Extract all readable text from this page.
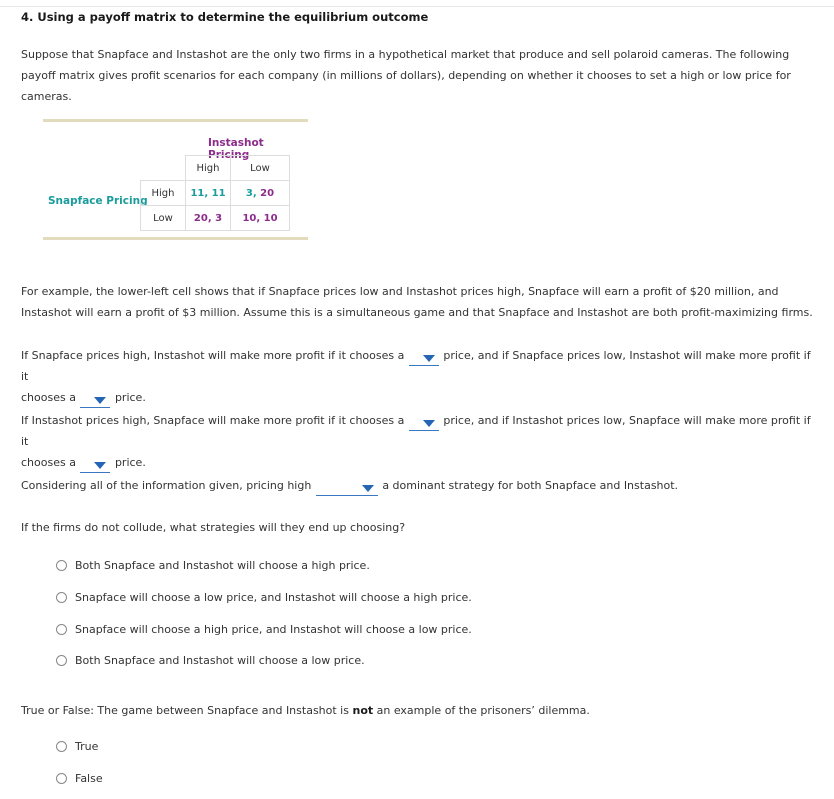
4. Using a payoff matrix to determine the equilibrium outcome
Suppose that Snapface and Instashot are the only two firms in a hypothetical market that produce and sell polaroid cameras. The following payoff matrix gives profit scenarios for each company (in millions of dollars), depending on whether it chooses to set a high or low price for cameras.
Instashot Pricing
Snapface Pricing
	High	Low
High	11, 11	3, 20
Low	20, 3	10, 10
For example, the lower-left cell shows that if Snapface prices low and Instashot prices high, Snapface will earn a profit of $20 million, and Instashot will earn a profit of $3 million. Assume this is a simultaneous game and that Snapface and Instashot are both profit-maximizing firms.
If Snapface prices high, Instashot will make more profit if it chooses a	price, and if Snapface prices low, Instashot will make more profit if it
chooses a	price.
If Instashot prices high, Snapface will make more profit if it chooses a	price, and if Instashot prices low, Snapface will make more profit if it
chooses a	price.
Considering all of the information given, pricing high	a dominant strategy for both Snapface and Instashot.
If the firms do not collude, what strategies will they end up choosing?
Both Snapface and Instashot will choose a high price.
Snapface will choose a low price, and Instashot will choose a high price.
Snapface will choose a high price, and Instashot will choose a low price.
Both Snapface and Instashot will choose a low price.
True or False: The game between Snapface and Instashot is not an example of the prisoners’ dilemma.
True
False
